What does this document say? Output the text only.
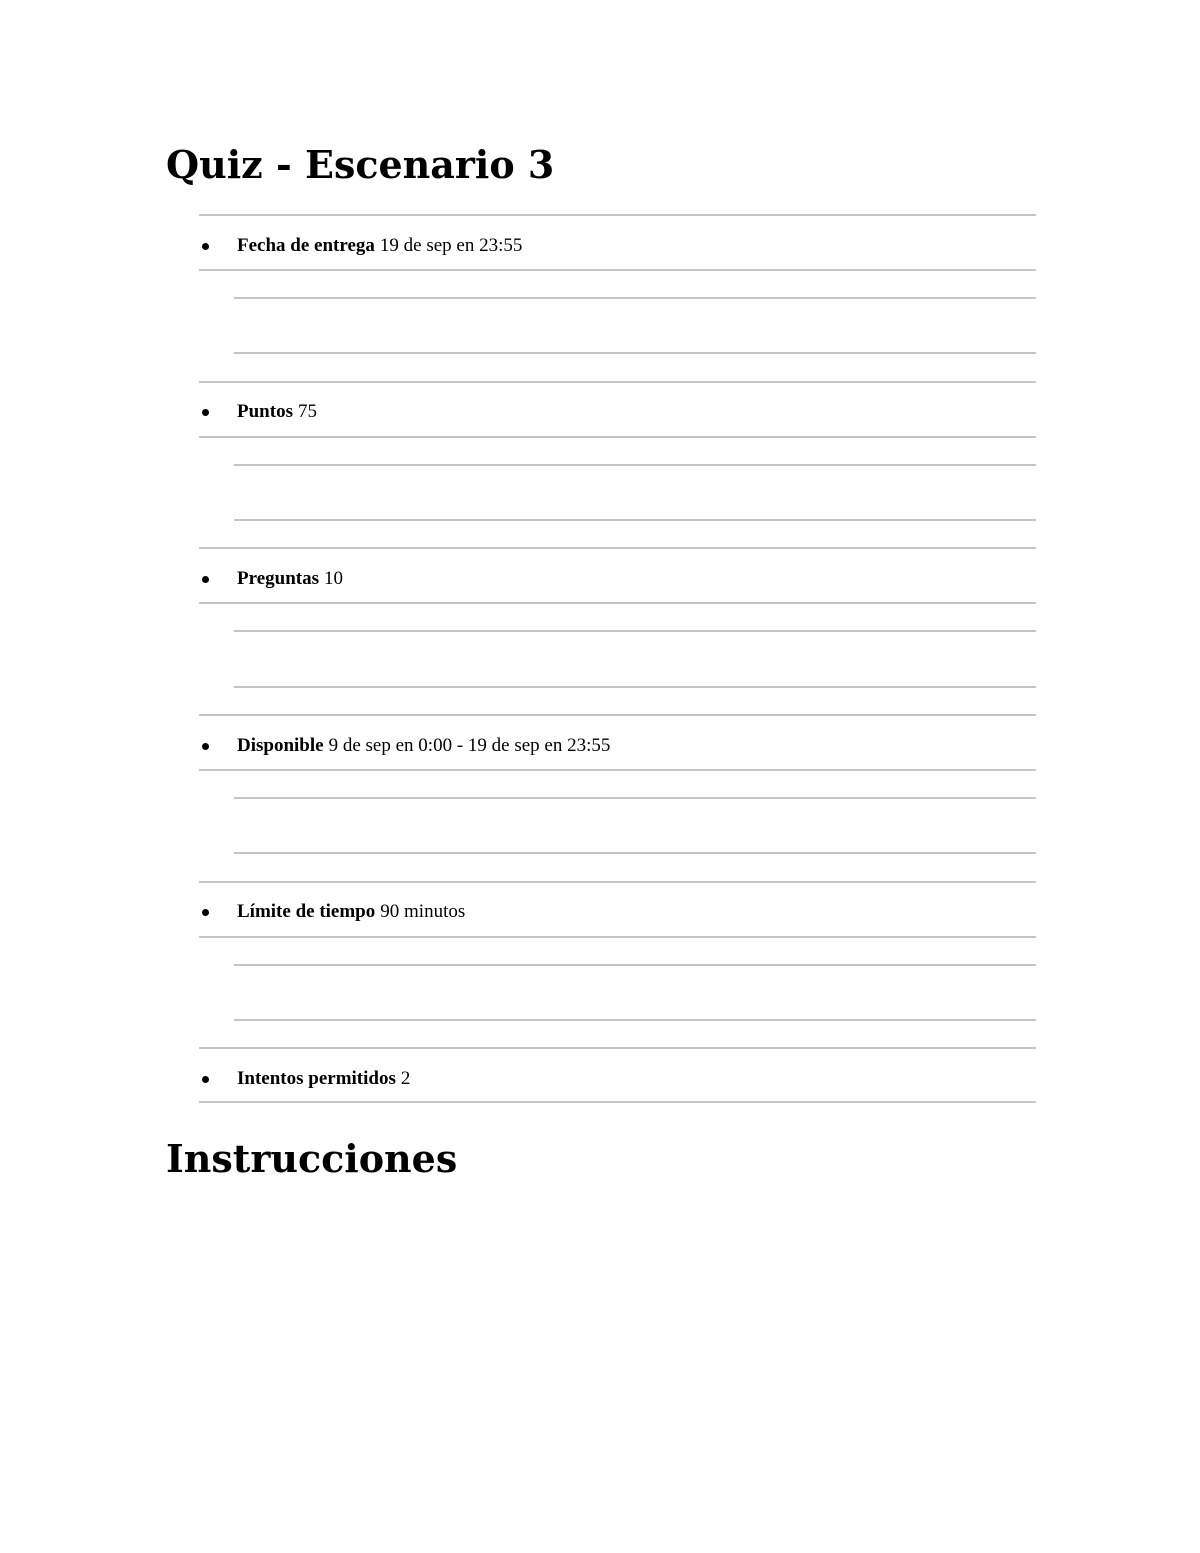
Quiz - Escenario 3
Fecha de entrega 19 de sep en 23:55
Puntos 75
Preguntas 10
Disponible 9 de sep en 0:00 - 19 de sep en 23:55
Límite de tiempo 90 minutos
Intentos permitidos 2
Instrucciones
